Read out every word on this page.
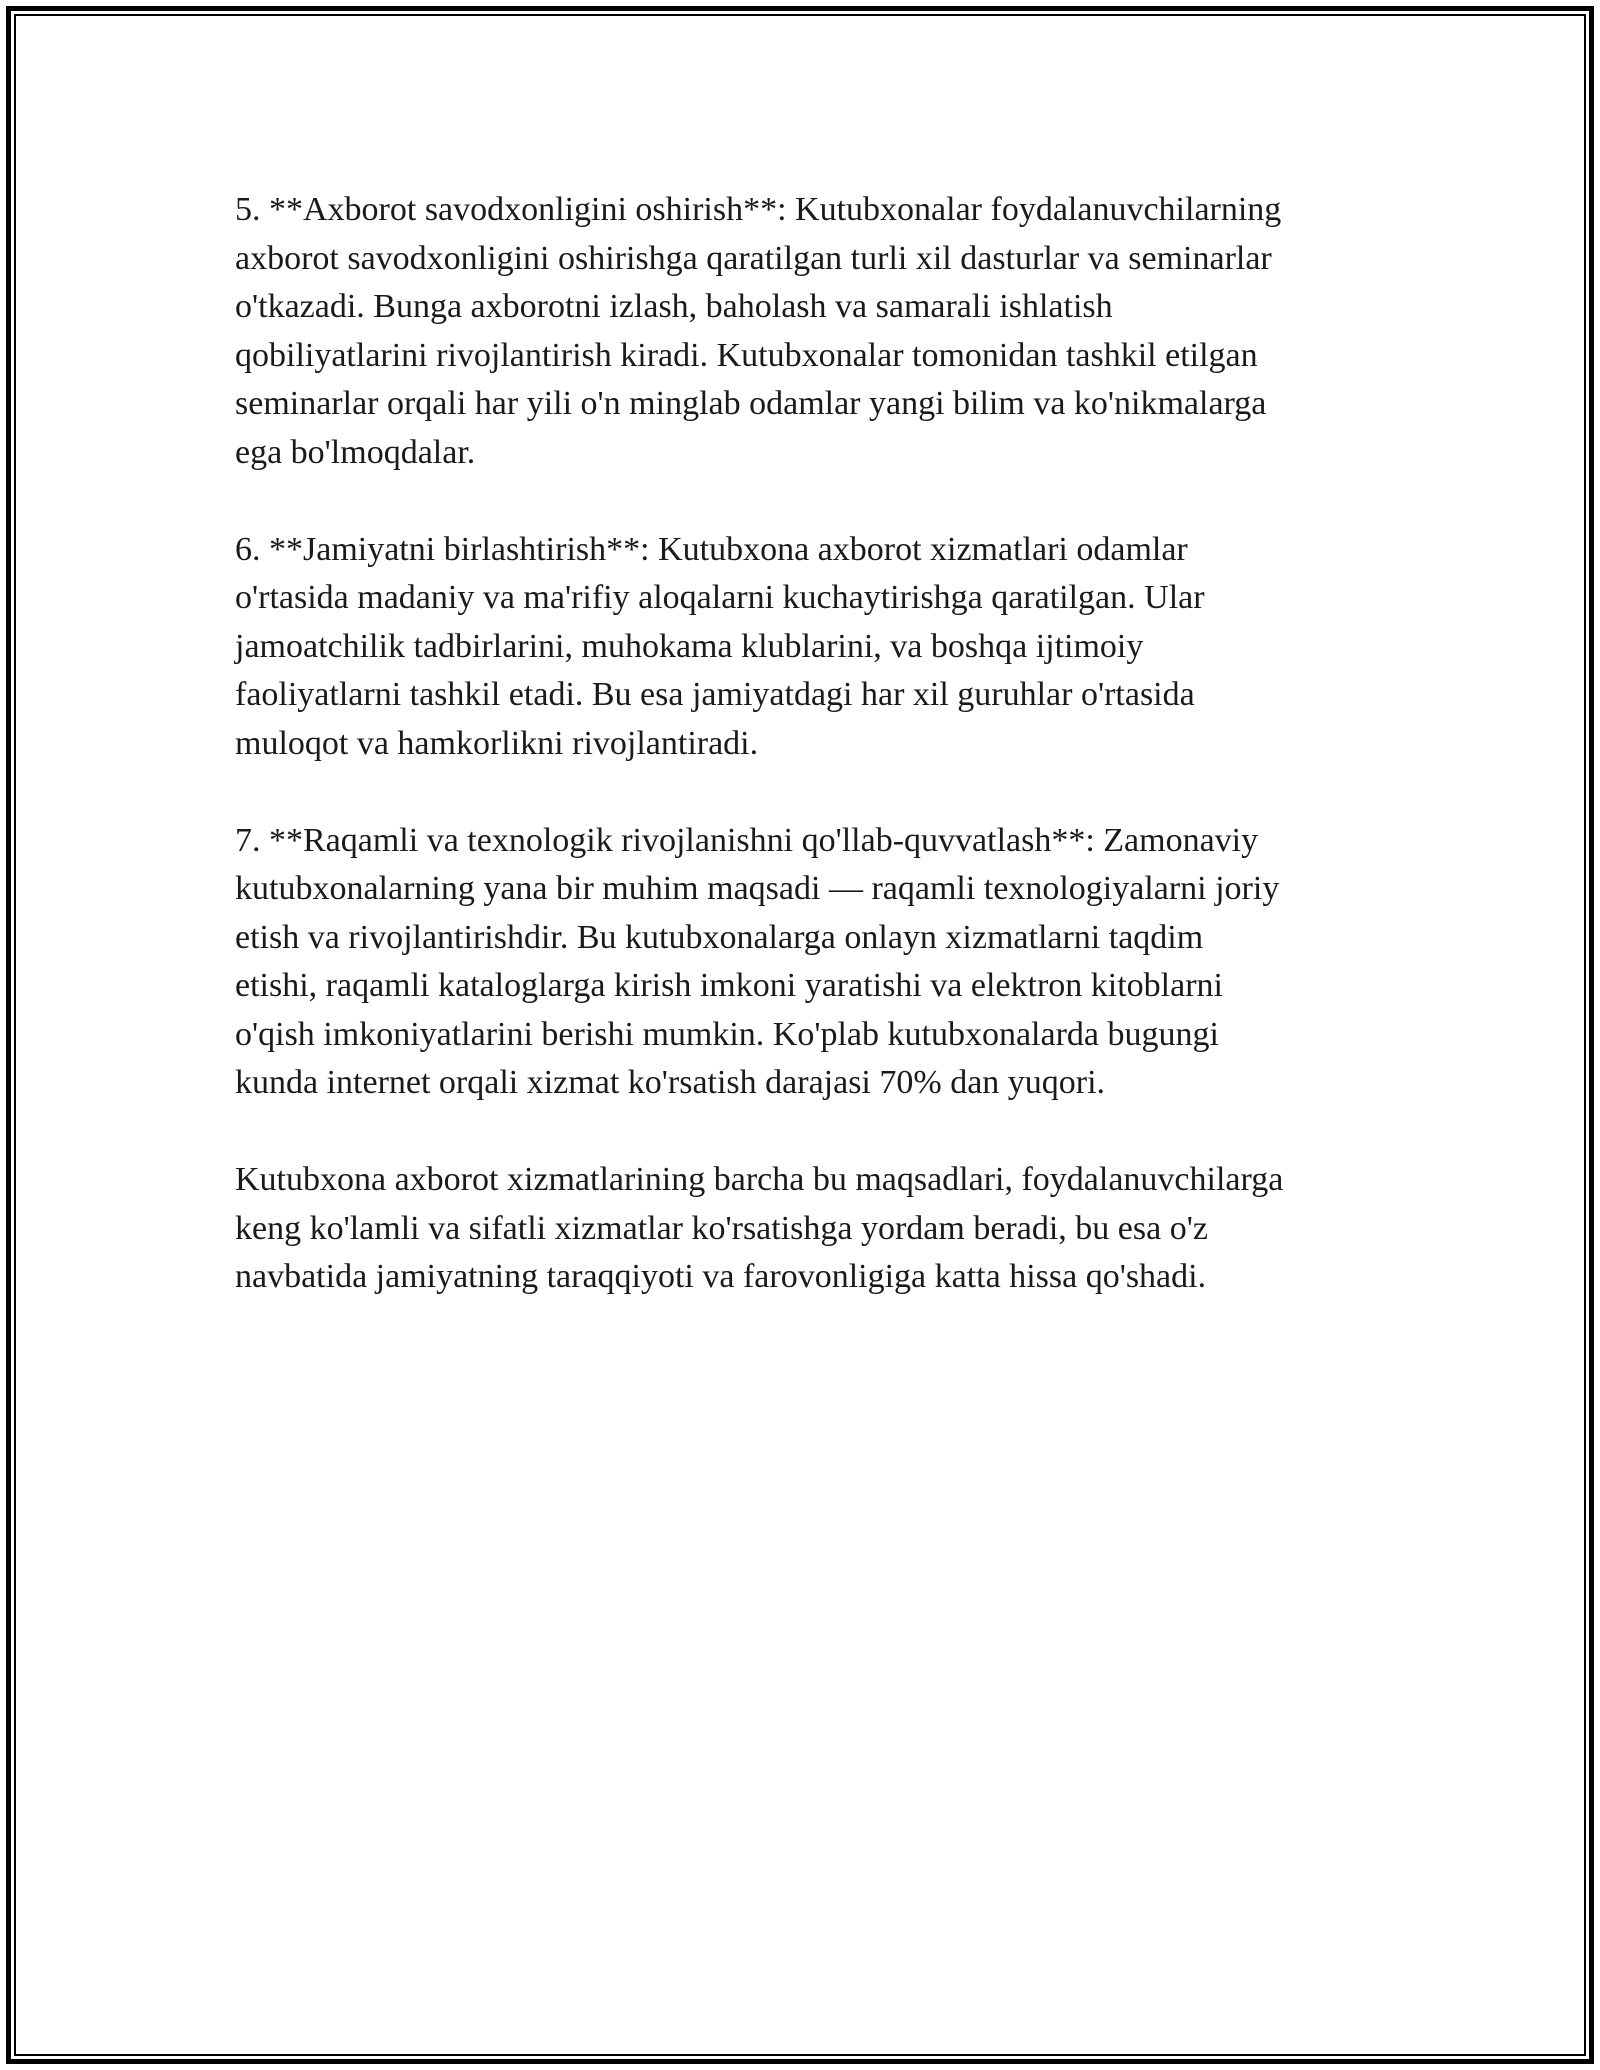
5. **Axborot savodxonligini oshirish**: Kutubxonalar foydalanuvchilarning
axborot savodxonligini oshirishga qaratilgan turli xil dasturlar va seminarlar
o'tkazadi. Bunga axborotni izlash, baholash va samarali ishlatish
qobiliyatlarini rivojlantirish kiradi. Kutubxonalar tomonidan tashkil etilgan
seminarlar orqali har yili o'n minglab odamlar yangi bilim va ko'nikmalarga
ega bo'lmoqdalar.

6. **Jamiyatni birlashtirish**: Kutubxona axborot xizmatlari odamlar
o'rtasida madaniy va ma'rifiy aloqalarni kuchaytirishga qaratilgan. Ular
jamoatchilik tadbirlarini, muhokama klublarini, va boshqa ijtimoiy
faoliyatlarni tashkil etadi. Bu esa jamiyatdagi har xil guruhlar o'rtasida
muloqot va hamkorlikni rivojlantiradi.

7. **Raqamli va texnologik rivojlanishni qo'llab-quvvatlash**: Zamonaviy
kutubxonalarning yana bir muhim maqsadi — raqamli texnologiyalarni joriy
etish va rivojlantirishdir. Bu kutubxonalarga onlayn xizmatlarni taqdim
etishi, raqamli kataloglarga kirish imkoni yaratishi va elektron kitoblarni
o'qish imkoniyatlarini berishi mumkin. Ko'plab kutubxonalarda bugungi
kunda internet orqali xizmat ko'rsatish darajasi 70% dan yuqori.

Kutubxona axborot xizmatlarining barcha bu maqsadlari, foydalanuvchilarga
keng ko'lamli va sifatli xizmatlar ko'rsatishga yordam beradi, bu esa o'z
navbatida jamiyatning taraqqiyoti va farovonligiga katta hissa qo'shadi.
